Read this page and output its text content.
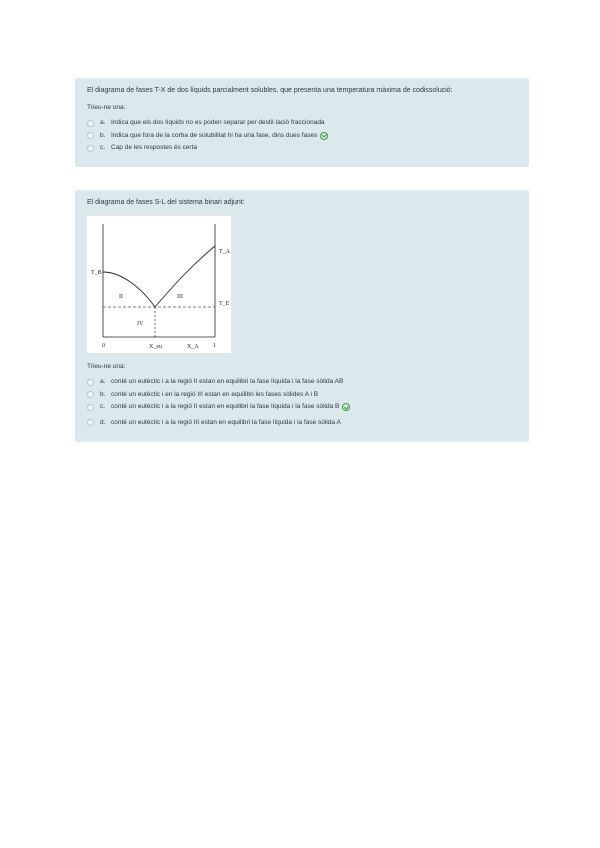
El diagrama de fases T-X de dos líquids parcialment solubles, que presenta una temperatura màxima de codissolució:

Trieu-ne una:

a. Indica que els dos líquids no es poden separar per destil·lació fraccionada
b. Indica que fora de la corba de solubilitat hi ha una fase, dins dues fases
c. Cap de les respostes és certa

El diagrama de fases S-L del sistema binari adjunt:

T_B
T_A
T_E
II	III
IV
0	X_eu	X_A 1

Trieu-ne una:

a. conté un eutèctic i a la regió II estan en equilibri la fase líquida i la fase sòlida AB
b. conté un eutèctic i en la regió III estan en equilibri les fases sòlides A i B
c. conté un eutèctic i a la regió II estan en equilibri la fase líquida i la fase sòlida B
d. conté un eutèctic i a la regió III estan en equilibri la fase líquida i la fase sòlida A
